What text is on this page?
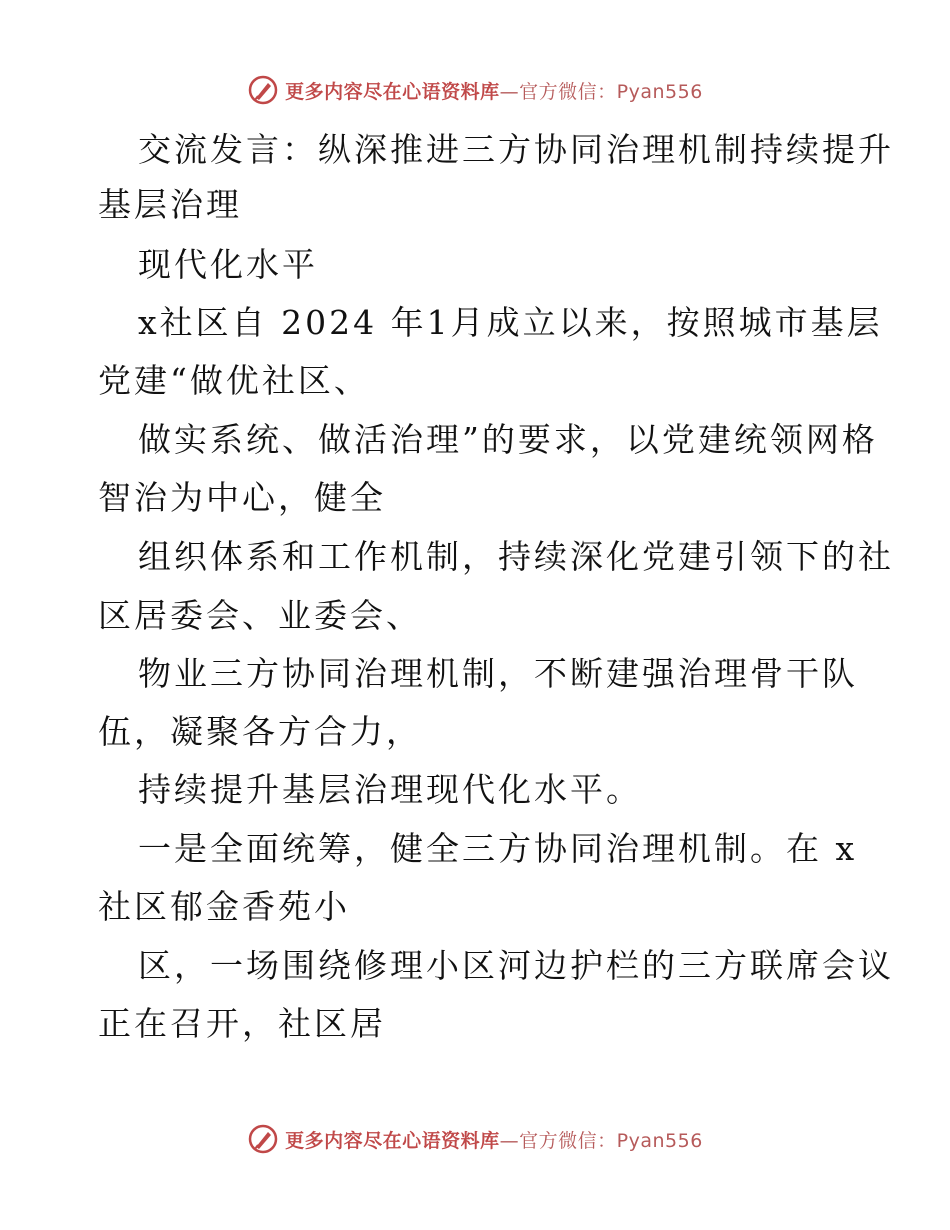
更多内容尽在心语资料库—官方微信：Pyan556
交流发言：纵深推进三方协同治理机制持续提升
基层治理
现代化水平
x社区自 2024 年1月成立以来，按照城市基层
党建“做优社区、
做实系统、做活治理”的要求，以党建统领网格
智治为中心，健全
组织体系和工作机制，持续深化党建引领下的社
区居委会、业委会、
物业三方协同治理机制，不断建强治理骨干队
伍，凝聚各方合力，
持续提升基层治理现代化水平。
一是全面统筹，健全三方协同治理机制。在 x
社区郁金香苑小
区，一场围绕修理小区河边护栏的三方联席会议
正在召开，社区居
更多内容尽在心语资料库—官方微信：Pyan556
